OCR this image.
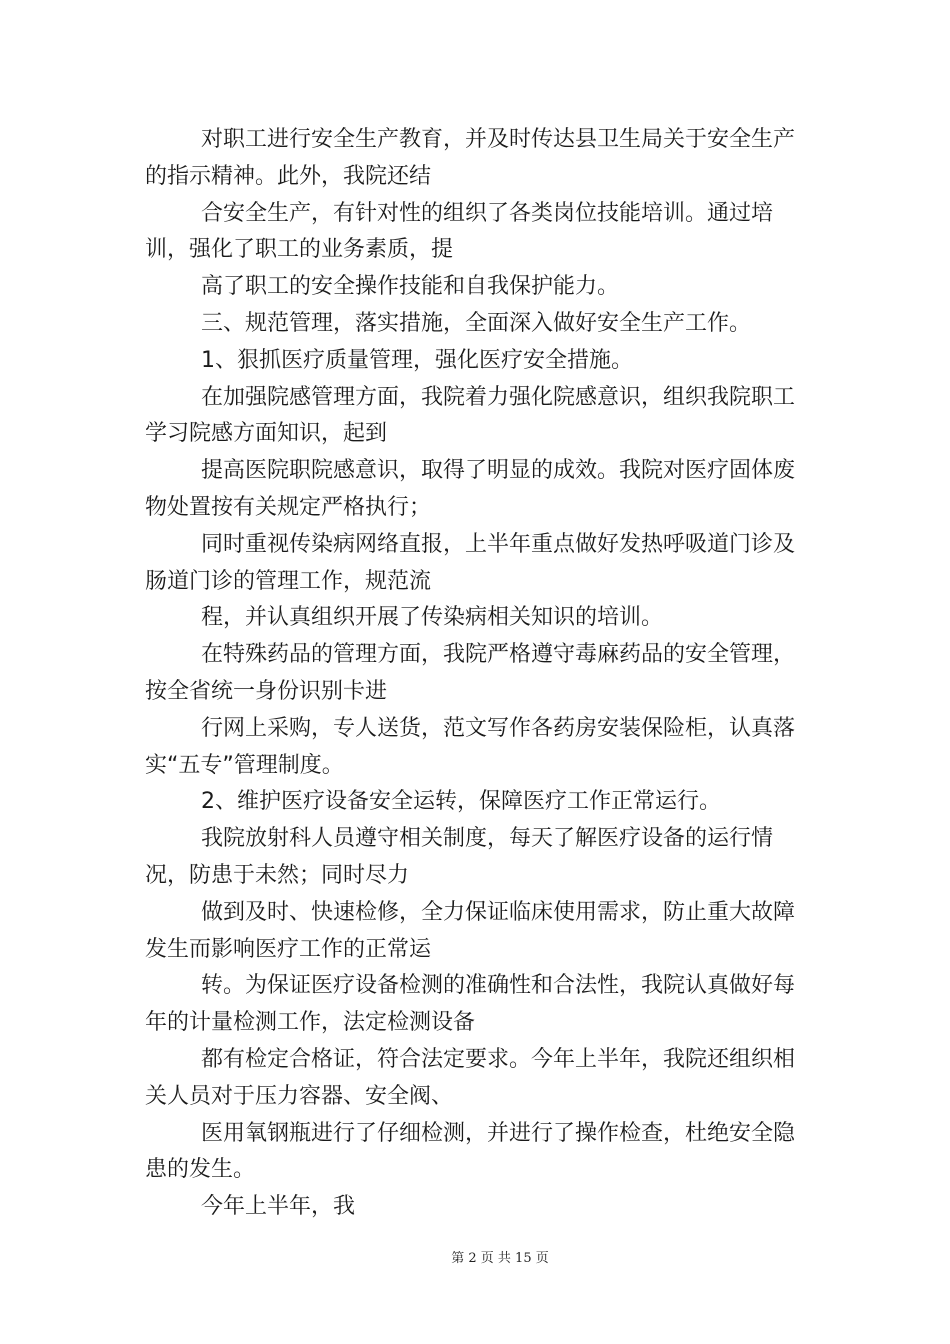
对职工进行安全生产教育，并及时传达县卫生局关于安全生产的指示精神。此外，我院还结

合安全生产，有针对性的组织了各类岗位技能培训。通过培训，强化了职工的业务素质，提

高了职工的安全操作技能和自我保护能力。

三、规范管理，落实措施，全面深入做好安全生产工作。

1、狠抓医疗质量管理，强化医疗安全措施。

在加强院感管理方面，我院着力强化院感意识，组织我院职工学习院感方面知识，起到

提高医院职院感意识，取得了明显的成效。我院对医疗固体废物处置按有关规定严格执行；

同时重视传染病网络直报，上半年重点做好发热呼吸道门诊及肠道门诊的管理工作，规范流

程，并认真组织开展了传染病相关知识的培训。

在特殊药品的管理方面，我院严格遵守毒麻药品的安全管理，按全省统一身份识别卡进

行网上采购，专人送货，范文写作各药房安装保险柜，认真落实“五专”管理制度。

2、维护医疗设备安全运转，保障医疗工作正常运行。

我院放射科人员遵守相关制度，每天了解医疗设备的运行情况，防患于未然；同时尽力

做到及时、快速检修，全力保证临床使用需求，防止重大故障发生而影响医疗工作的正常运

转。为保证医疗设备检测的准确性和合法性，我院认真做好每年的计量检测工作，法定检测设备

都有检定合格证，符合法定要求。今年上半年，我院还组织相关人员对于压力容器、安全阀、

医用氧钢瓶进行了仔细检测，并进行了操作检查，杜绝安全隐患的发生。

今年上半年，我

第 2 页 共 15 页
